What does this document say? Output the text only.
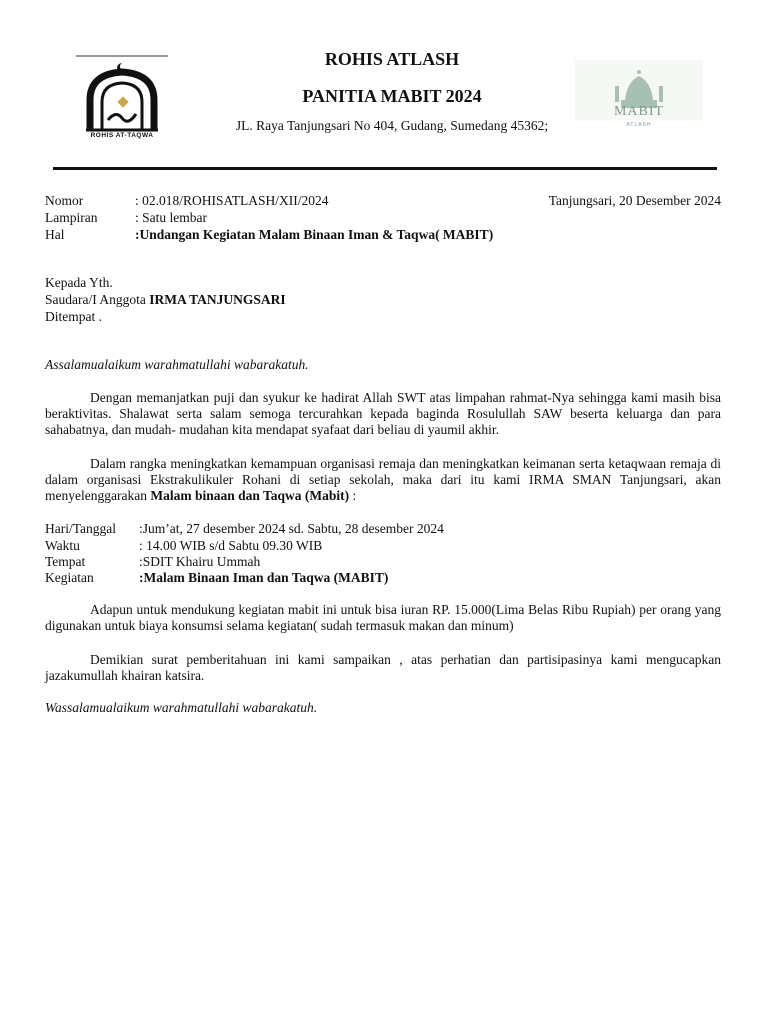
ROHIS AT-TAQWA
ROHIS ATLASH
PANITIA MABIT 2024
JL. Raya Tanjungsari No 404, Gudang, Sumedang 45362;
MABIT
ATLASH
Nomor	: 02.018/ROHISATLASH/XII/2024	Tanjungsari, 20 Desember 2024
Lampiran	: Satu lembar
Hal	:Undangan Kegiatan Malam Binaan Iman & Taqwa( MABIT)
Kepada Yth.
Saudara/I Anggota IRMA TANJUNGSARI
Ditempat .
Assalamualaikum warahmatullahi wabarakatuh.
Dengan memanjatkan puji dan syukur ke hadirat Allah SWT atas limpahan rahmat-Nya sehingga kami masih bisa beraktivitas. Shalawat serta salam semoga tercurahkan kepada baginda Rosulullah SAW beserta keluarga dan para sahabatnya, dan mudah- mudahan kita mendapat syafaat dari beliau di yaumil akhir.
Dalam rangka meningkatkan kemampuan organisasi remaja dan meningkatkan keimanan serta ketaqwaan remaja di dalam organisasi Ekstrakulikuler Rohani di setiap sekolah, maka dari itu kami IRMA SMAN Tanjungsari, akan menyelenggarakan Malam binaan dan Taqwa (Mabit) :
Hari/Tanggal :Jum’at, 27 desember 2024 sd. Sabtu, 28 desember 2024
Waktu	: 14.00 WIB s/d Sabtu 09.30 WIB
Tempat	:SDIT Khairu Ummah
Kegiatan	:Malam Binaan Iman dan Taqwa (MABIT)
Adapun untuk mendukung kegiatan mabit ini untuk bisa iuran RP. 15.000(Lima Belas Ribu Rupiah) per orang yang digunakan untuk biaya konsumsi selama kegiatan( sudah termasuk makan dan minum)
Demikian surat pemberitahuan ini kami sampaikan , atas perhatian dan partisipasinya kami mengucapkan jazakumullah khairan katsira.
Wassalamualaikum warahmatullahi wabarakatuh.
